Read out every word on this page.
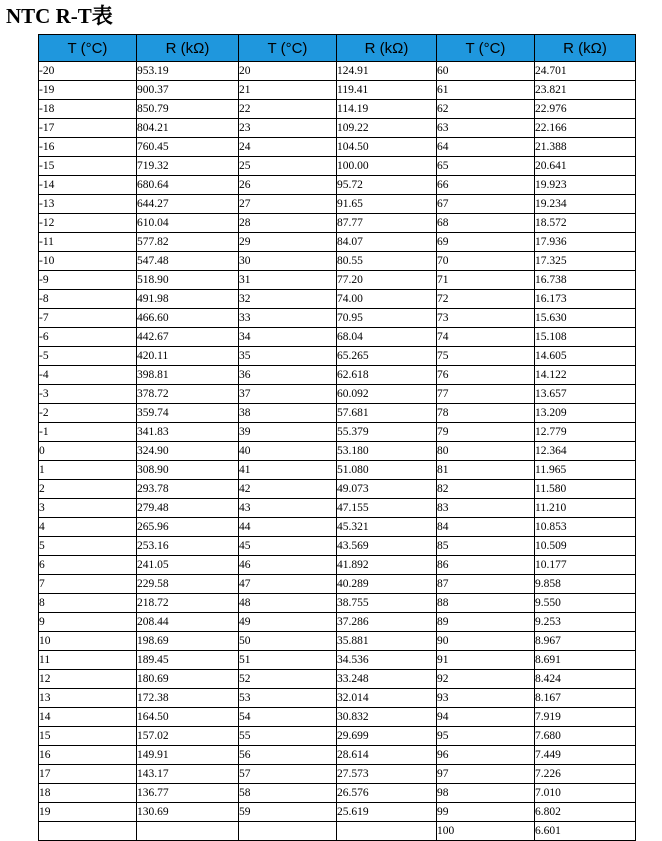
NTC R-T表
T (°C)	R (kΩ)	T (°C)	R (kΩ)	T (°C)	R (kΩ)
-20	953.19	20	124.91	60	24.701
-19	900.37	21	119.41	61	23.821
-18	850.79	22	114.19	62	22.976
-17	804.21	23	109.22	63	22.166
-16	760.45	24	104.50	64	21.388
-15	719.32	25	100.00	65	20.641
-14	680.64	26	95.72	66	19.923
-13	644.27	27	91.65	67	19.234
-12	610.04	28	87.77	68	18.572
-11	577.82	29	84.07	69	17.936
-10	547.48	30	80.55	70	17.325
-9	518.90	31	77.20	71	16.738
-8	491.98	32	74.00	72	16.173
-7	466.60	33	70.95	73	15.630
-6	442.67	34	68.04	74	15.108
-5	420.11	35	65.265	75	14.605
-4	398.81	36	62.618	76	14.122
-3	378.72	37	60.092	77	13.657
-2	359.74	38	57.681	78	13.209
-1	341.83	39	55.379	79	12.779
0	324.90	40	53.180	80	12.364
1	308.90	41	51.080	81	11.965
2	293.78	42	49.073	82	11.580
3	279.48	43	47.155	83	11.210
4	265.96	44	45.321	84	10.853
5	253.16	45	43.569	85	10.509
6	241.05	46	41.892	86	10.177
7	229.58	47	40.289	87	9.858
8	218.72	48	38.755	88	9.550
9	208.44	49	37.286	89	9.253
10	198.69	50	35.881	90	8.967
11	189.45	51	34.536	91	8.691
12	180.69	52	33.248	92	8.424
13	172.38	53	32.014	93	8.167
14	164.50	54	30.832	94	7.919
15	157.02	55	29.699	95	7.680
16	149.91	56	28.614	96	7.449
17	143.17	57	27.573	97	7.226
18	136.77	58	26.576	98	7.010
19	130.69	59	25.619	99	6.802
				100	6.601
